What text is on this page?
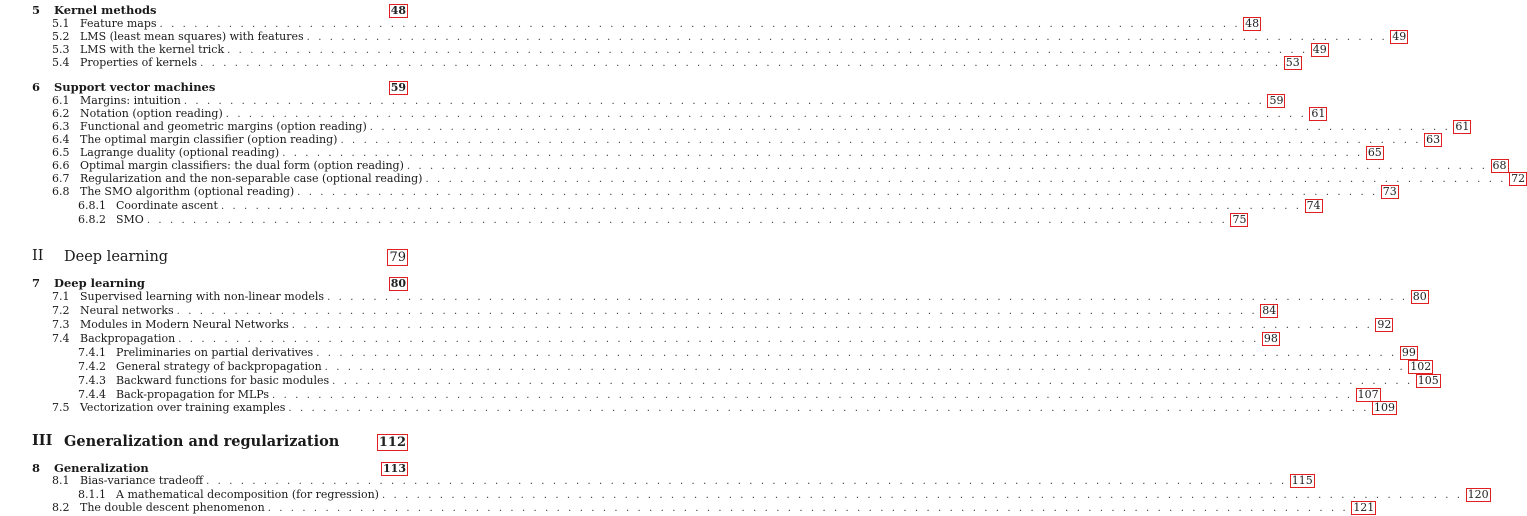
5 Kernel methods	48
5.1 Feature maps . . .	48
5.2 LMS (least mean squares) with features . . .	49
5.3 LMS with the kernel trick . . .	49
5.4 Properties of kernels . . .	53
6 Support vector machines	59
6.1 Margins: intuition . . .	59
6.2 Notation (option reading) . . .	61
6.3 Functional and geometric margins (option reading) . . .	61
6.4 The optimal margin classifier (option reading) . . .	63
6.5 Lagrange duality (optional reading) . . .	65
6.6 Optimal margin classifiers: the dual form (option reading) . . .	68
6.7 Regularization and the non-separable case (optional reading) . . .	72
6.8 The SMO algorithm (optional reading) . . .	73
6.8.1 Coordinate ascent . . .	74
6.8.2 SMO . . .	75
II Deep learning	79
7 Deep learning	80
7.1 Supervised learning with non-linear models . . .	80
7.2 Neural networks . . .	84
7.3 Modules in Modern Neural Networks . . .	92
7.4 Backpropagation . . .	98
7.4.1 Preliminaries on partial derivatives . . .	99
7.4.2 General strategy of backpropagation . . .	102
7.4.3 Backward functions for basic modules . . .	105
7.4.4 Back-propagation for MLPs . . .	107
7.5 Vectorization over training examples . . .	109
III Generalization and regularization	112
8 Generalization	113
8.1 Bias-variance tradeoff . . .	115
8.1.1 A mathematical decomposition (for regression) . . .	120
8.2 The double descent phenomenon . . .	121
